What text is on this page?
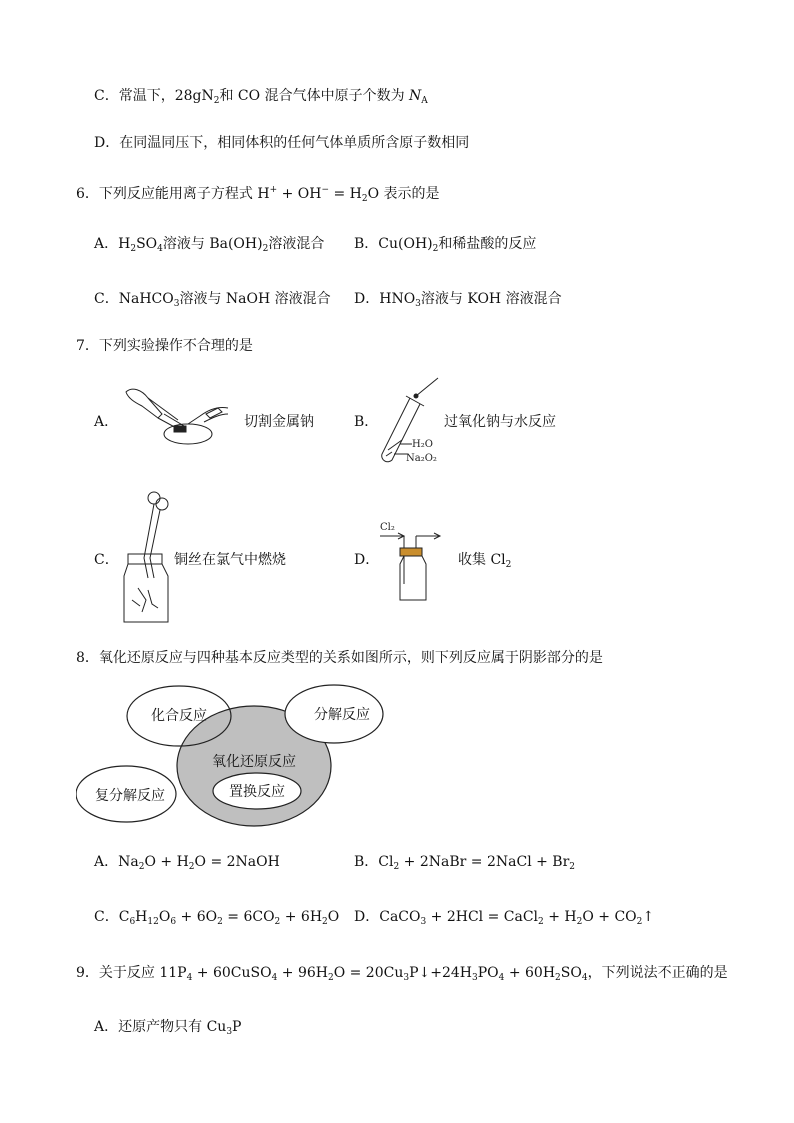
C．常温下，$28gN_2$和 CO 混合气体中原子个数为 $N_A$
D．在同温同压下，相同体积的任何气体单质所含原子数相同
6．下列反应能用离子方程式 $H^+ + OH^- = H_2O$ 表示的是
A．$H_2SO_4$溶液与 $Ba(OH)_2$溶液混合 B．$Cu(OH)_2$和稀盐酸的反应
C．NaHCO$_3$溶液与 NaOH 溶液混合 D．$HNO_3$溶液与 KOH 溶液混合
7．下列实验操作不合理的是
A．	切割金属钠	B．
H₂O
Na₂O₂
过氧化钠与水反应
C．	铜丝在氯气中燃烧	D．
Cl₂
收集 $Cl_2$
8．氧化还原反应与四种基本反应类型的关系如图所示，则下列反应属于阴影部分的是
化合反应	分解反应
氧化还原反应
置换反应
复分解反应
A．$Na_2O + H_2O$ = 2NaOH	B．$Cl_2$ + 2NaBr = 2NaCl + $Br_2$
C．$C_6H_{12}O_6 + 6O_2 = 6CO_2 + 6H_2O$ D．CaCO$_3$ + 2HCl = CaCl$_2$ + $H_2O$ + $CO_2↑$
9．关于反应 $11P_4$ + 60CuSO$_4$ + $96H_2O$ = $20Cu_3P↓+24H_3PO_4 + 60H_2SO_4$，下列说法不正确的是
A．还原产物只有 $Cu_3P$
